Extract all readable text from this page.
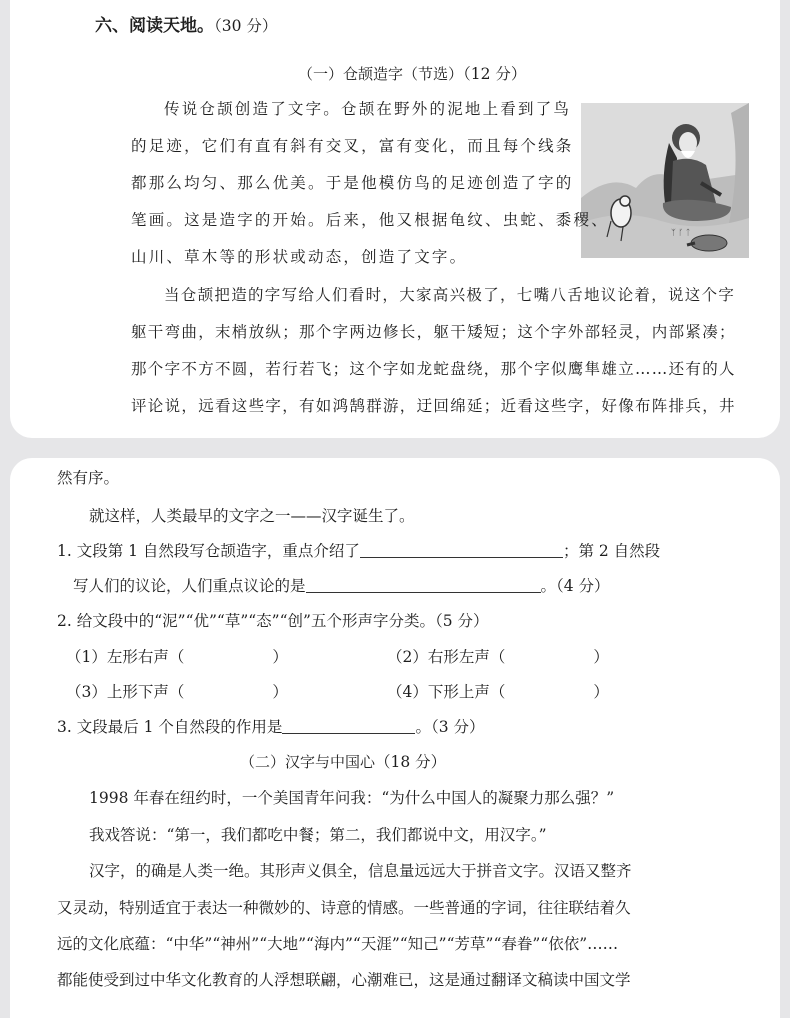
六、阅读天地。（30 分）
（一）仓颉造字（节选）（12 分）
ᛉ ᚴ ᛏ
传说仓颉创造了文字。仓颉在野外的泥地上看到了鸟
的足迹，它们有直有斜有交叉，富有变化，而且每个线条
都那么均匀、那么优美。于是他模仿鸟的足迹创造了字的
笔画。这是造字的开始。后来，他又根据龟纹、虫蛇、黍稷、
山川、草木等的形状或动态，创造了文字。
当仓颉把造的字写给人们看时，大家高兴极了，七嘴八舌地议论着，说这个字
躯干弯曲，末梢放纵；那个字两边修长，躯干矮短；这个字外部轻灵，内部紧凑；
那个字不方不圆，若行若飞；这个字如龙蛇盘绕，那个字似鹰隼雄立……还有的人
评论说，远看这些字，有如鸿鹄群游，迂回绵延；近看这些字，好像布阵排兵，井
然有序。
就这样，人类最早的文字之一——汉字诞生了。
1. 文段第 1 自然段写仓颉造字，重点介绍了	；第 2 自然段
写人们的议论，人们重点议论的是	。（4 分）
2. 给文段中的“泥”“优”“草”“态”“创”五个形声字分类。（5 分）
（1）左形右声（	）	（2）右形左声（	）
（3）上形下声（	）	（4）下形上声（	）
3. 文段最后 1 个自然段的作用是	。（3 分）
（二）汉字与中国心（18 分）
1998 年春在纽约时，一个美国青年问我：“为什么中国人的凝聚力那么强？”
我戏答说：“第一，我们都吃中餐；第二，我们都说中文，用汉字。”
汉字，的确是人类一绝。其形声义俱全，信息量远远大于拼音文字。汉语又整齐
又灵动，特别适宜于表达一种微妙的、诗意的情感。一些普通的字词，往往联结着久
远的文化底蕴：“中华”“神州”“大地”“海内”“天涯”“知己”“芳草”“春眷”“依依”……
都能使受到过中华文化教育的人浮想联翩，心潮难已，这是通过翻译文稿读中国文学
